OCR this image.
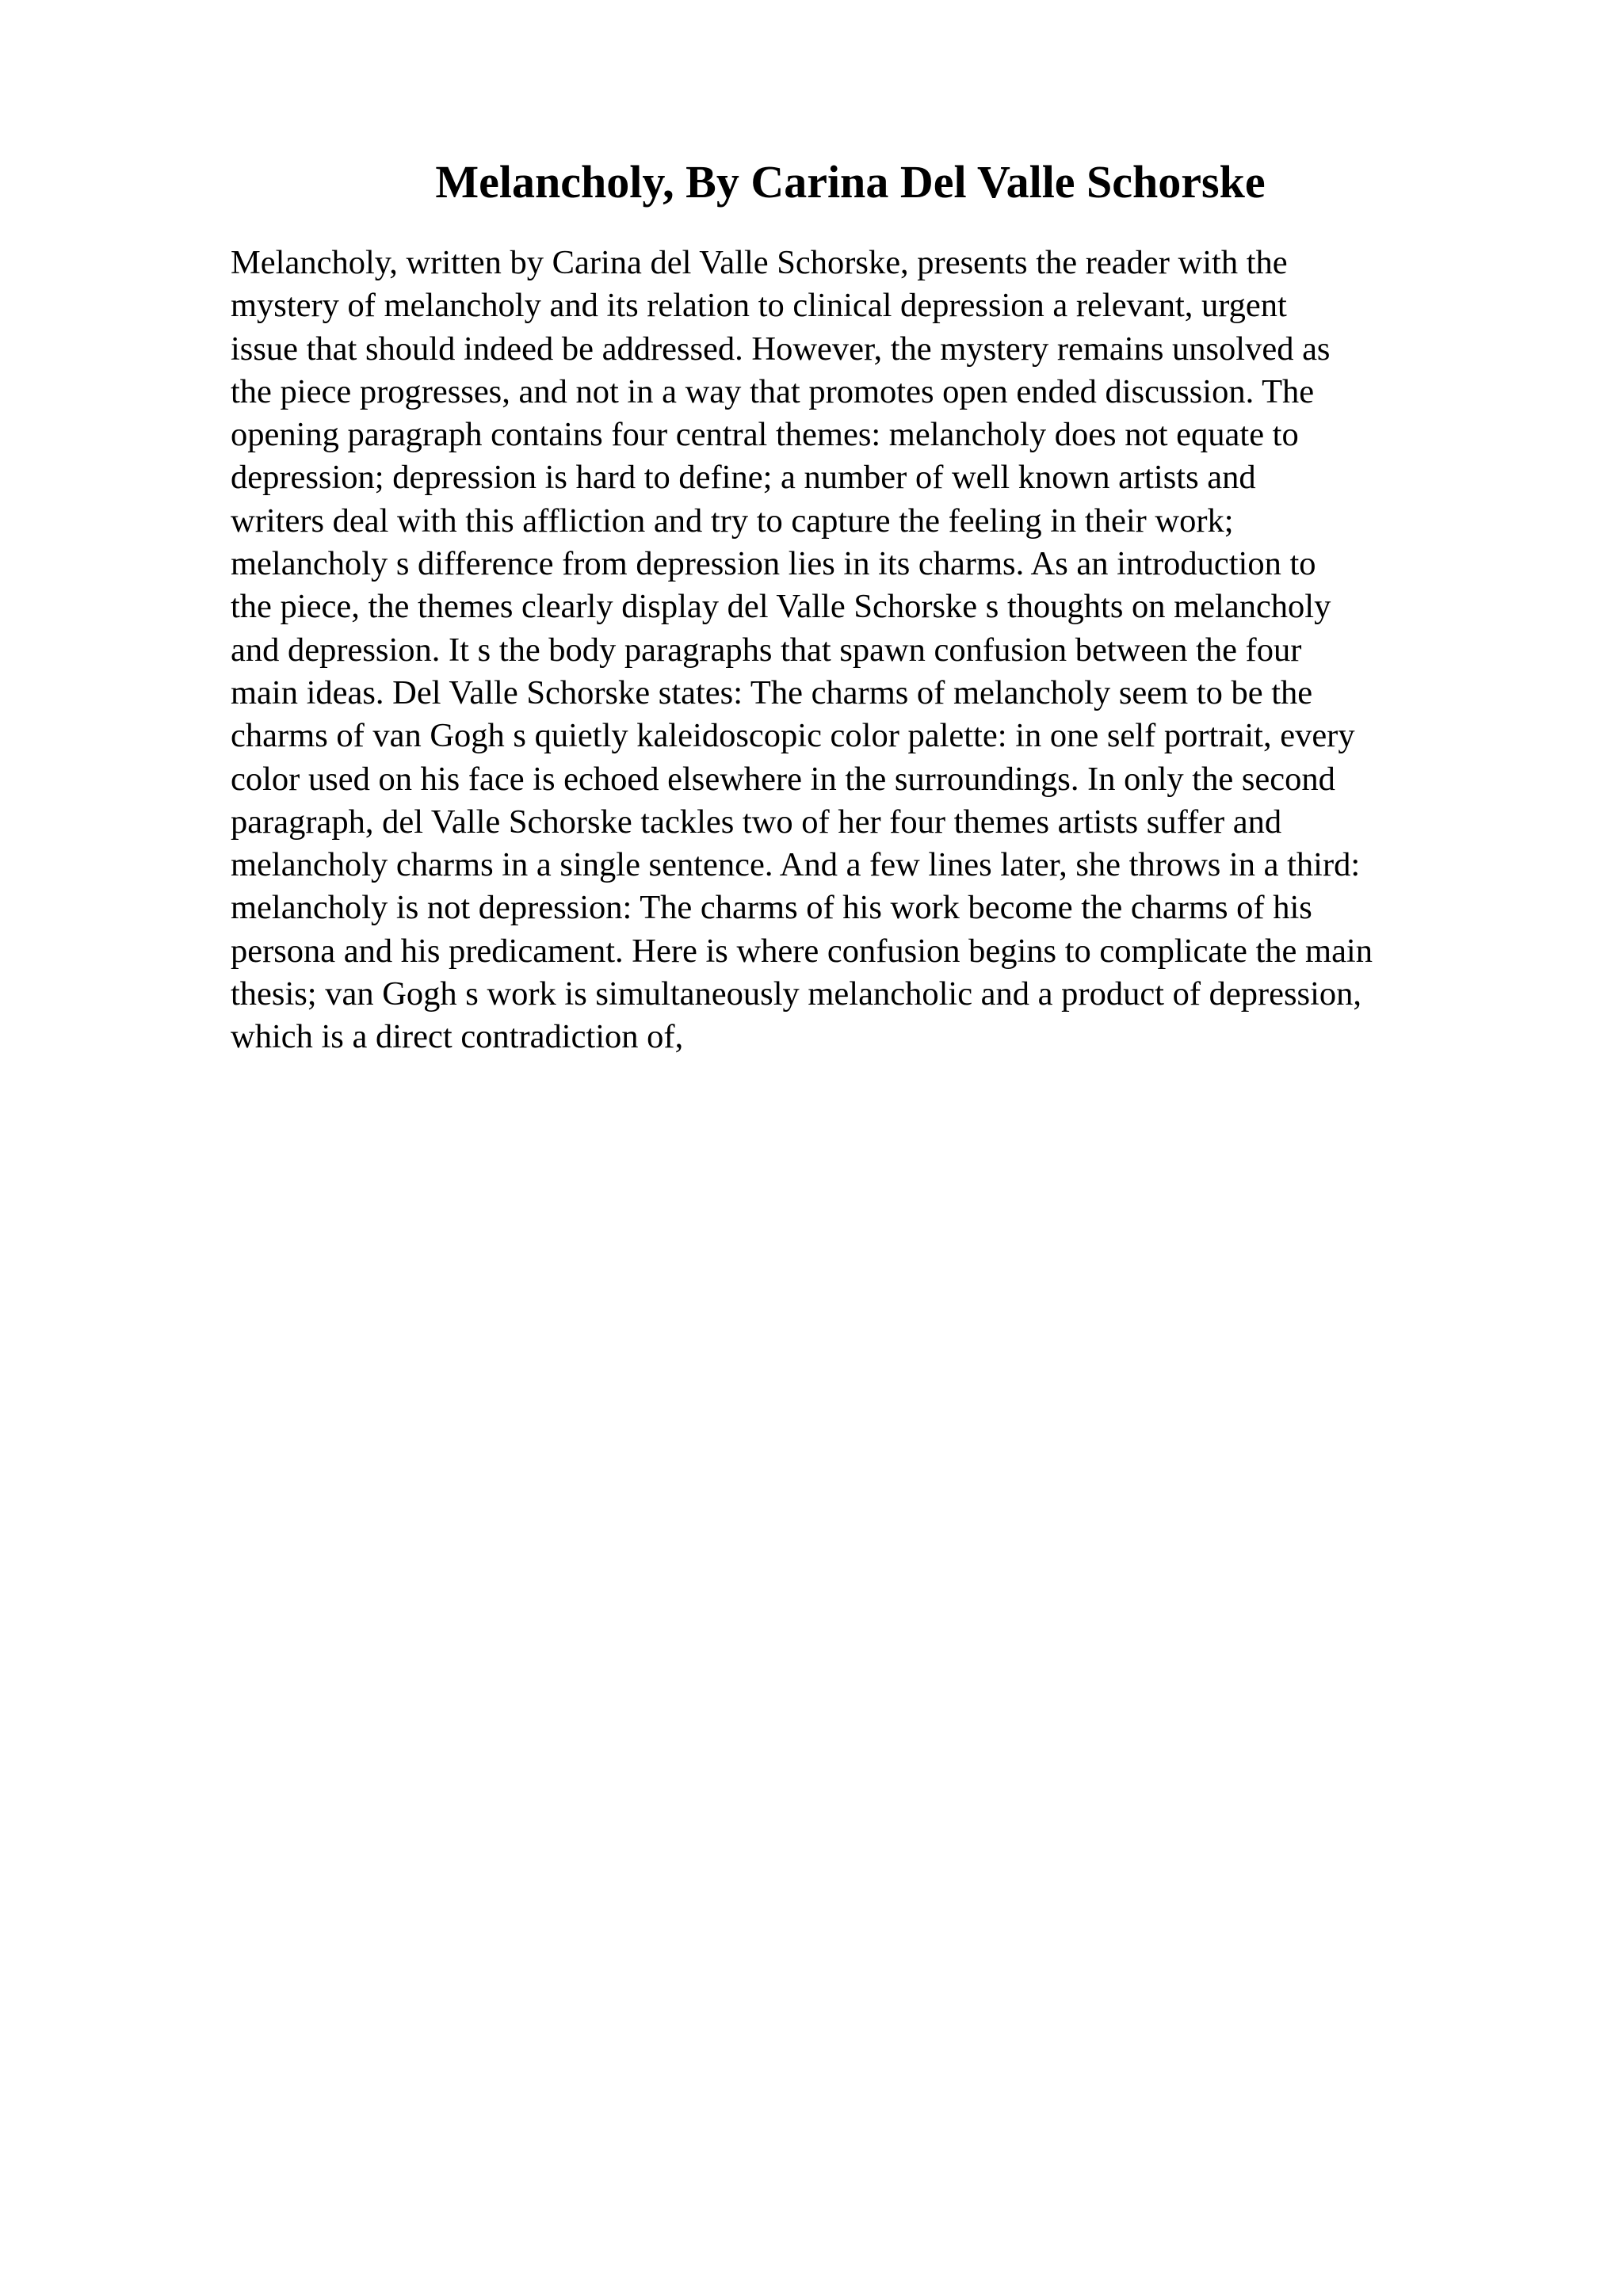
Melancholy, By Carina Del Valle Schorske
Melancholy, written by Carina del Valle Schorske, presents the reader with the
mystery of melancholy and its relation to clinical depression a relevant, urgent
issue that should indeed be addressed. However, the mystery remains unsolved as
the piece progresses, and not in a way that promotes open ended discussion. The
opening paragraph contains four central themes: melancholy does not equate to
depression; depression is hard to define; a number of well known artists and
writers deal with this affliction and try to capture the feeling in their work;
melancholy s difference from depression lies in its charms. As an introduction to
the piece, the themes clearly display del Valle Schorske s thoughts on melancholy
and depression. It s the body paragraphs that spawn confusion between the four
main ideas. Del Valle Schorske states: The charms of melancholy seem to be the
charms of van Gogh s quietly kaleidoscopic color palette: in one self portrait, every
color used on his face is echoed elsewhere in the surroundings. In only the second
paragraph, del Valle Schorske tackles two of her four themes artists suffer and
melancholy charms in a single sentence. And a few lines later, she throws in a third:
melancholy is not depression: The charms of his work become the charms of his
persona and his predicament. Here is where confusion begins to complicate the main
thesis; van Gogh s work is simultaneously melancholic and a product of depression,
which is a direct contradiction of,
